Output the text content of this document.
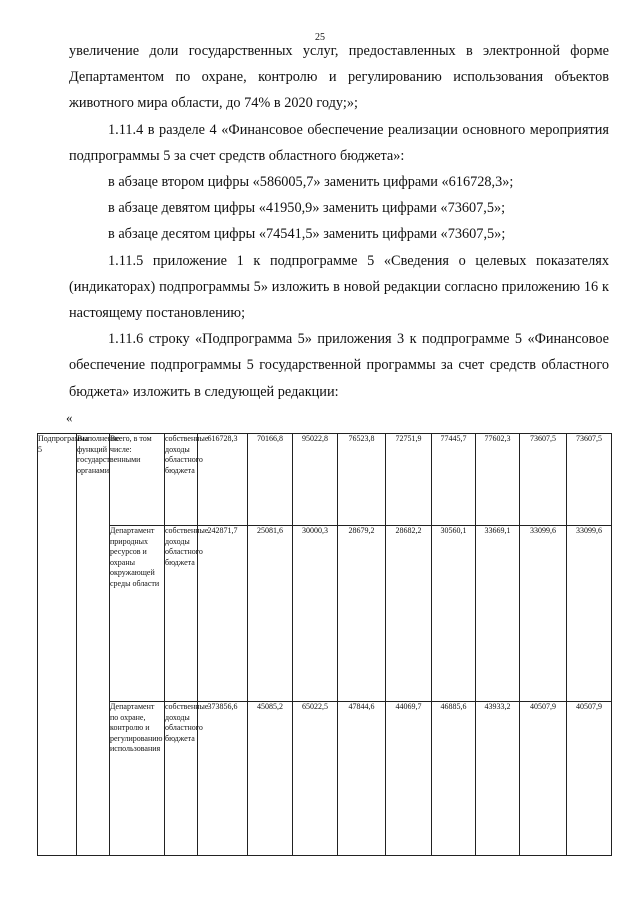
25

увеличение доли государственных услуг, предоставленных в электронной форме Департаментом по охране, контролю и регулированию использования объектов животного мира области, до 74% в 2020 году;»;

1.11.4 в разделе 4 «Финансовое обеспечение реализации основного мероприятия подпрограммы 5 за счет средств областного бюджета»:

в абзаце втором цифры «586005,7» заменить цифрами «616728,3»;

в абзаце девятом цифры «41950,9» заменить цифрами «73607,5»;

в абзаце десятом цифры «74541,5» заменить цифрами «73607,5»;

1.11.5 приложение 1 к подпрограмме 5 «Сведения о целевых показателях (индикаторах) подпрограммы 5» изложить в новой редакции согласно приложению 16 к настоящему постановлению;

1.11.6 строку «Подпрограмма 5» приложения 3 к подпрограмме 5 «Финансовое обеспечение подпрограммы 5 государственной программы за счет средств областного бюджета» изложить в следующей редакции:

«
Подпрограмма 5	Выполнение функций государственными органами	Всего, в том числе:	собственные доходы областного бюджета	616728,3	70166,8	95022,8	76523,8	72751,9	77445,7	77602,3	73607,5	73607,5
		Департамент природных ресурсов и охраны окружающей среды области	собственные доходы областного бюджета	242871,7	25081,6	30000,3	28679,2	28682,2	30560,1	33669,1	33099,6	33099,6
		Департамент по охране, контролю и регулированию использования	собственные доходы областного бюджета	373856,6	45085,2	65022,5	47844,6	44069,7	46885,6	43933,2	40507,9	40507,9
